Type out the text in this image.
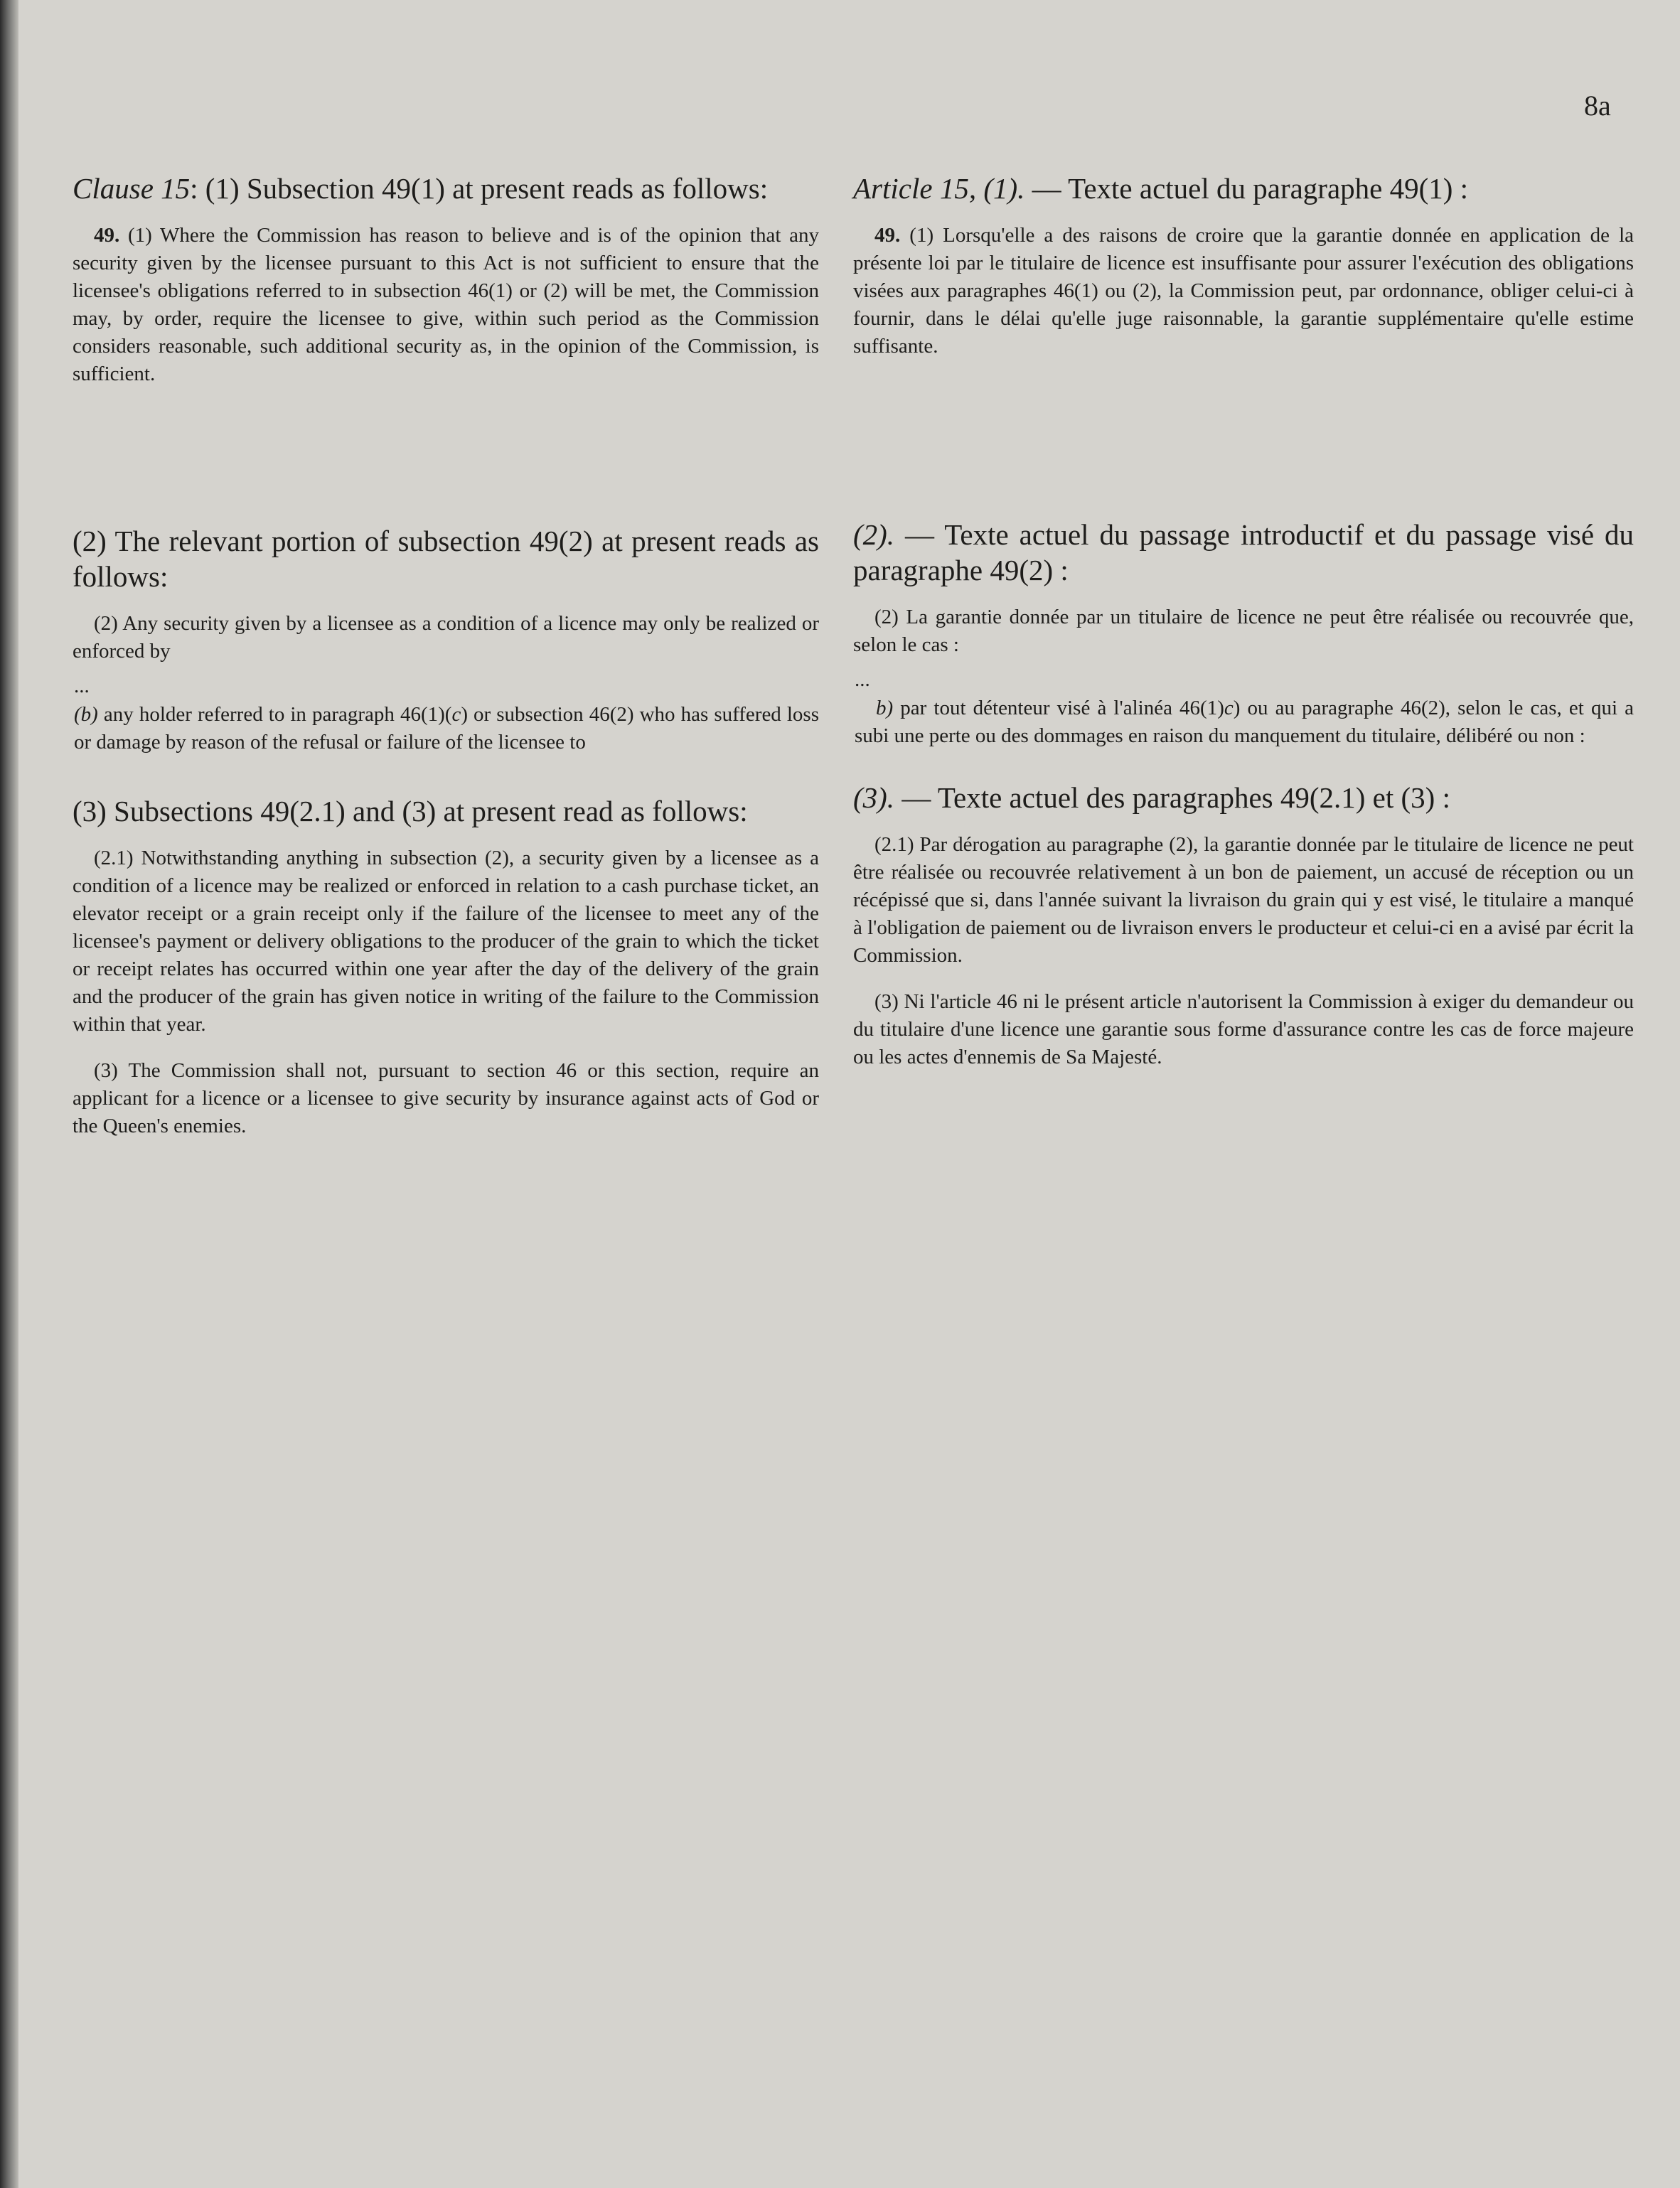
8a

Clause 15: (1) Subsection 49(1) at present reads as follows:

49. (1) Where the Commission has reason to believe and is of the opinion that any security given by the licensee pursuant to this Act is not sufficient to ensure that the licensee's obligations referred to in subsection 46(1) or (2) will be met, the Commission may, by order, require the licensee to give, within such period as the Commission considers reasonable, such additional security as, in the opinion of the Commission, is sufficient.

(2) The relevant portion of subsection 49(2) at present reads as follows:

(2) Any security given by a licensee as a condition of a licence may only be realized or enforced by

...

(b) any holder referred to in paragraph 46(1)(c) or subsection 46(2) who has suffered loss or damage by reason of the refusal or failure of the licensee to

(3) Subsections 49(2.1) and (3) at present read as follows:

(2.1) Notwithstanding anything in subsection (2), a security given by a licensee as a condition of a licence may be realized or enforced in relation to a cash purchase ticket, an elevator receipt or a grain receipt only if the failure of the licensee to meet any of the licensee's payment or delivery obligations to the producer of the grain to which the ticket or receipt relates has occurred within one year after the day of the delivery of the grain and the producer of the grain has given notice in writing of the failure to the Commission within that year.

(3) The Commission shall not, pursuant to section 46 or this section, require an applicant for a licence or a licensee to give security by insurance against acts of God or the Queen's enemies.

Article 15, (1). — Texte actuel du paragraphe 49(1) :

49. (1) Lorsqu'elle a des raisons de croire que la garantie donnée en application de la présente loi par le titulaire de licence est insuffisante pour assurer l'exécution des obligations visées aux paragraphes 46(1) ou (2), la Commission peut, par ordonnance, obliger celui-ci à fournir, dans le délai qu'elle juge raisonnable, la garantie supplémentaire qu'elle estime suffisante.

(2). — Texte actuel du passage introductif et du passage visé du paragraphe 49(2) :

(2) La garantie donnée par un titulaire de licence ne peut être réalisée ou recouvrée que, selon le cas :

...

b) par tout détenteur visé à l'alinéa 46(1)c) ou au paragraphe 46(2), selon le cas, et qui a subi une perte ou des dommages en raison du manquement du titulaire, délibéré ou non :

(3). — Texte actuel des paragraphes 49(2.1) et (3) :

(2.1) Par dérogation au paragraphe (2), la garantie donnée par le titulaire de licence ne peut être réalisée ou recouvrée relativement à un bon de paiement, un accusé de réception ou un récépissé que si, dans l'année suivant la livraison du grain qui y est visé, le titulaire a manqué à l'obligation de paiement ou de livraison envers le producteur et celui-ci en a avisé par écrit la Commission.

(3) Ni l'article 46 ni le présent article n'autorisent la Commission à exiger du demandeur ou du titulaire d'une licence une garantie sous forme d'assurance contre les cas de force majeure ou les actes d'ennemis de Sa Majesté.
